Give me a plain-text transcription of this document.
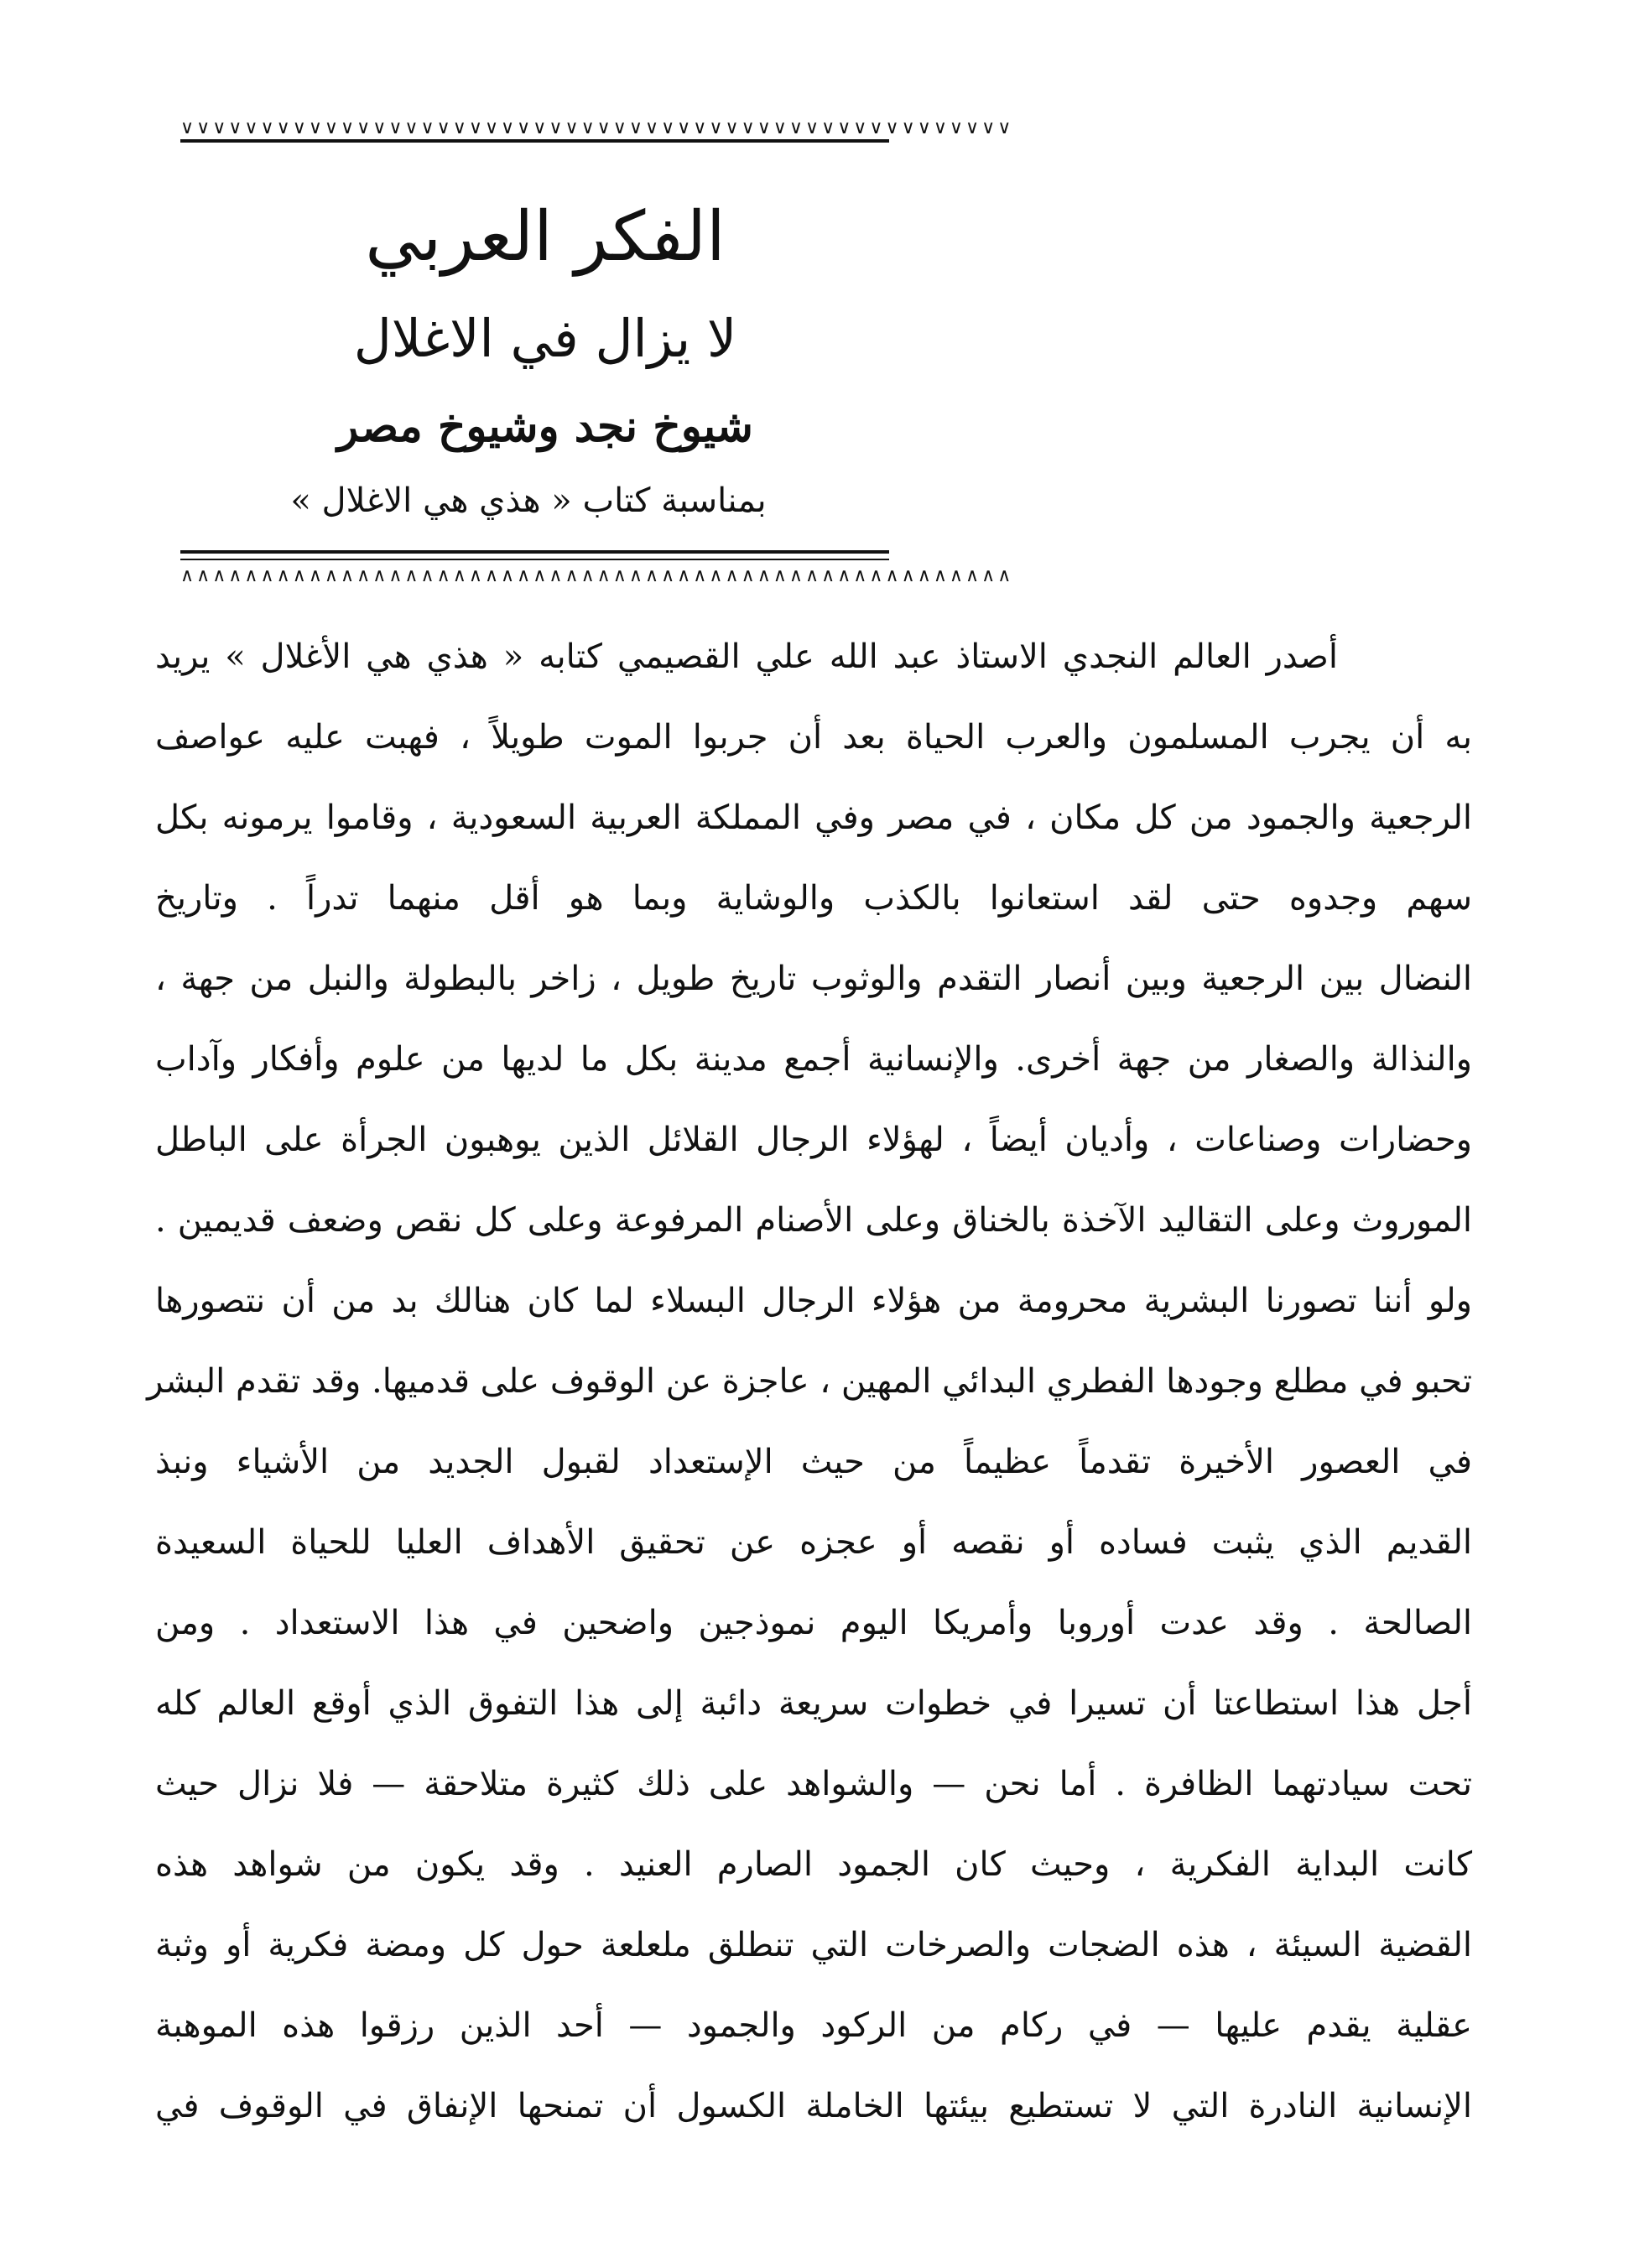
∨∨∨∨∨∨∨∨∨∨∨∨∨∨∨∨∨∨∨∨∨∨∨∨∨∨∨∨∨∨∨∨∨∨∨∨∨∨∨∨∨∨∨∨∨∨∨∨∨∨∨∨
الفكر العربي
لا يزال في الاغلال
شيوخ نجد وشيوخ مصر
بمناسبة كتاب « هذي هي الاغلال »
∧∧∧∧∧∧∧∧∧∧∧∧∧∧∧∧∧∧∧∧∧∧∧∧∧∧∧∧∧∧∧∧∧∧∧∧∧∧∧∧∧∧∧∧∧∧∧∧∧∧∧∧
أصدر العالم النجدي الاستاذ عبد الله علي القصيمي كتابه « هذي هي الأغلال » يريد
به أن يجرب المسلمون والعرب الحياة بعد أن جربوا الموت طويلاً ، فهبت عليه عواصف
الرجعية والجمود من كل مكان ، في مصر وفي المملكة العربية السعودية ، وقاموا يرمونه بكل
سهم وجدوه حتى لقد استعانوا بالكذب والوشاية وبما هو أقل منهما تدراً . وتاريخ
النضال بين الرجعية وبين أنصار التقدم والوثوب تاريخ طويل ، زاخر بالبطولة والنبل من جهة ،
والنذالة والصغار من جهة أخرى. والإنسانية أجمع مدينة بكل ما لديها من علوم وأفكار وآداب
وحضارات وصناعات ، وأديان أيضاً ، لهؤلاء الرجال القلائل الذين يوهبون الجرأة على الباطل
الموروث وعلى التقاليد الآخذة بالخناق وعلى الأصنام المرفوعة وعلى كل نقص وضعف قديمين .
ولو أننا تصورنا البشرية محرومة من هؤلاء الرجال البسلاء لما كان هنالك بد من أن نتصورها
تحبو في مطلع وجودها الفطري البدائي المهين ، عاجزة عن الوقوف على قدميها. وقد تقدم البشر
في العصور الأخيرة تقدماً عظيماً من حيث الإستعداد لقبول الجديد من الأشياء ونبذ
القديم الذي يثبت فساده أو نقصه أو عجزه عن تحقيق الأهداف العليا للحياة السعيدة
الصالحة . وقد عدت أوروبا وأمريكا اليوم نموذجين واضحين في هذا الاستعداد . ومن
أجل هذا استطاعتا أن تسيرا في خطوات سريعة دائبة إلى هذا التفوق الذي أوقع العالم كله
تحت سيادتهما الظافرة . أما نحن — والشواهد على ذلك كثيرة متلاحقة — فلا نزال حيث
كانت البداية الفكرية ، وحيث كان الجمود الصارم العنيد . وقد يكون من شواهد هذه
القضية السيئة ، هذه الضجات والصرخات التي تنطلق ملعلعة حول كل ومضة فكرية أو وثبة
عقلية يقدم عليها — في ركام من الركود والجمود — أحد الذين رزقوا هذه الموهبة
الإنسانية النادرة التي لا تستطيع بيئتها الخاملة الكسول أن تمنحها الإنفاق في الوقوف في
